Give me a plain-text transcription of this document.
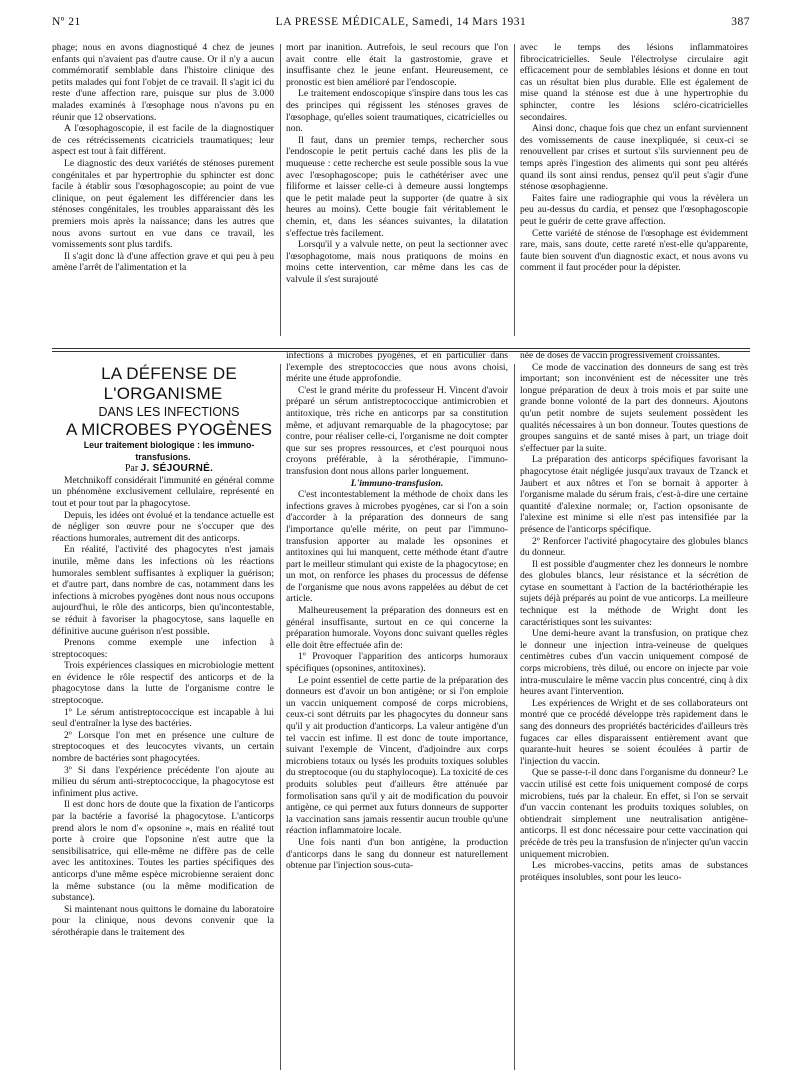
Nº 21	LA PRESSE MÉDICALE, Samedi, 14 Mars 1931	387

phage; nous en avons diagnostiqué 4 chez de jeunes enfants qui n'avaient pas d'autre cause. Or il n'y a aucun commémoratif semblable dans l'histoire clinique des petits malades qui font l'objet de ce travail. Il s'agit ici du reste d'une affection rare, puisque sur plus de 3.000 malades examinés à l'œsophage nous n'avons pu en réunir que 12 observations.

A l'œsophagoscopie, il est facile de la diagnostiquer de ces rétrécissements cicatriciels traumatiques; leur aspect est tout à fait différent.

Le diagnostic des deux variétés de sténoses purement congénitales et par hypertrophie du sphincter est donc facile à établir sous l'œsophagoscopie; au point de vue clinique, on peut également les différencier dans les sténoses congénitales, les troubles apparaissant dès les premiers mois après la naissance; dans les autres que nous avons surtout en vue dans ce travail, les vomissements sont plus tardifs.

Il s'agit donc là d'une affection grave et qui peu à peu amène l'arrêt de l'alimentation et la

mort par inanition. Autrefois, le seul recours que l'on avait contre elle était la gastrostomie, grave et insuffisante chez le jeune enfant. Heureusement, ce pronostic est bien amélioré par l'endoscopie.

Le traitement endoscopique s'inspire dans tous les cas des principes qui régissent les sténoses graves de l'œsophage, qu'elles soient traumatiques, cicatricielles ou non.

Il faut, dans un premier temps, rechercher sous l'endoscopie le petit pertuis caché dans les plis de la muqueuse : cette recherche est seule possible sous la vue avec l'œsophagoscope; puis le cathétériser avec une filiforme et laisser celle-ci à demeure aussi longtemps que le petit malade peut la supporter (de quatre à six heures au moins). Cette bougie fait véritablement le chemin, et, dans les séances suivantes, la dilatation s'effectue très facilement.

Lorsqu'il y a valvule nette, on peut la sectionner avec l'œsophagotome, mais nous pratiquons de moins en moins cette intervention, car même dans les cas de valvule il s'est surajouté

avec le temps des lésions inflammatoires fibrocicatricielles. Seule l'électrolyse circulaire agit efficacement pour de semblables lésions et donne en tout cas un résultat bien plus durable. Elle est également de mise quand la sténose est due à une hypertrophie du sphincter, contre les lésions scléro-cicatricielles secondaires.

Ainsi donc, chaque fois que chez un enfant surviennent des vomissements de cause inexpliquée, si ceux-ci se renouvellent par crises et surtout s'ils surviennent peu de temps après l'ingestion des aliments qui sont peu altérés quand ils sont ainsi rendus, pensez qu'il peut s'agir d'une sténose œsophagienne.

Faites faire une radiographie qui vous la révèlera un peu au-dessus du cardia, et pensez que l'œsophagoscopie peut le guérir de cette grave affection.

Cette variété de sténose de l'œsophage est évidemment rare, mais, sans doute, cette rareté n'est-elle qu'apparente, faute bien souvent d'un diagnostic exact, et nous avons vu comment il faut procéder pour la dépister.

LA DÉFENSE DE L'ORGANISME

DANS LES INFECTIONS

A MICROBES PYOGÈNES

Leur traitement biologique : les immuno-transfusions.

Par J. SÉJOURNÉ.

Metchnikoff considérait l'immunité en général comme un phénomène exclusivement cellulaire, représenté en tout et pour tout par la phagocytose.

Depuis, les idées ont évolué et la tendance actuelle est de négliger son œuvre pour ne s'occuper que des réactions humorales, autrement dit des anticorps.

En réalité, l'activité des phagocytes n'est jamais inutile, même dans les infections où les réactions humorales semblent suffisantes à expliquer la guérison; et d'autre part, dans nombre de cas, notamment dans les infections à microbes pyogènes dont nous nous occupons aujourd'hui, le rôle des anticorps, bien qu'incontestable, se réduit à favoriser la phagocytose, sans laquelle en définitive aucune guérison n'est possible.

Prenons comme exemple une infection à streptocoques:

Trois expériences classiques en microbiologie mettent en évidence le rôle respectif des anticorps et de la phagocytose dans la lutte de l'organisme contre le streptocoque.

1º Le sérum antistreptococcique est incapable à lui seul d'entraîner la lyse des bactéries.

2º Lorsque l'on met en présence une culture de streptocoques et des leucocytes vivants, un certain nombre de bactéries sont phagocytées.

3º Si dans l'expérience précédente l'on ajoute au milieu du sérum anti-streptococcique, la phagocytose est infiniment plus active.

Il est donc hors de doute que la fixation de l'anticorps par la bactérie a favorisé la phagocytose. L'anticorps prend alors le nom d'« opsonine », mais en réalité tout porte à croire que l'opsonine n'est autre que la sensibilisatrice, qui elle-même ne diffère pas de celle avec les antitoxines. Toutes les parties spécifiques des anticorps d'une même espèce microbienne seraient donc la même substance (ou la même modification de substance).

Si maintenant nous quittons le domaine du laboratoire pour la clinique, nous devons convenir que la sérothérapie dans le traitement des

infections à microbes pyogènes, et en particulier dans l'exemple des streptococcies que nous avons choisi, mérite une étude approfondie.

C'est le grand mérite du professeur H. Vincent d'avoir préparé un sérum antistreptococcique antimicrobien et antitoxique, très riche en anticorps par sa constitution même, et adjuvant remarquable de la phagocytose; par contre, pour réaliser celle-ci, l'organisme ne doit compter que sur ses propres ressources, et c'est pourquoi nous croyons préférable, à la sérothérapie, l'immuno-transfusion dont nous allons parler longuement.

L'immuno-transfusion.

C'est incontestablement la méthode de choix dans les infections graves à microbes pyogènes, car si l'on a soin d'accorder à la préparation des donneurs de sang l'importance qu'elle mérite, on peut par l'immuno-transfusion apporter au malade les opsonines et antitoxines qui lui manquent, cette méthode étant d'autre part le meilleur stimulant qui existe de la phagocytose; en un mot, on renforce les phases du processus de défense de l'organisme que nous avons rappelées au début de cet article.

Malheureusement la préparation des donneurs est en général insuffisante, surtout en ce qui concerne la préparation humorale. Voyons donc suivant quelles règles elle doit être effectuée afin de:

1º Provoquer l'apparition des anticorps humoraux spécifiques (opsonines, antitoxines).

Le point essentiel de cette partie de la préparation des donneurs est d'avoir un bon antigène; or si l'on emploie un vaccin uniquement composé de corps microbiens, ceux-ci sont détruits par les phagocytes du donneur sans qu'il y ait production d'anticorps. La valeur antigène d'un tel vaccin est infime. Il est donc de toute importance, suivant l'exemple de Vincent, d'adjoindre aux corps microbiens totaux ou lysés les produits toxiques solubles du streptocoque (ou du staphylocoque). La toxicité de ces produits solubles peut d'ailleurs être atténuée par formolisation sans qu'il y ait de modification du pouvoir antigène, ce qui permet aux futurs donneurs de supporter la vaccination sans jamais ressentir aucun trouble qu'une réaction inflammatoire locale.

Une fois nanti d'un bon antigène, la production d'anticorps dans le sang du donneur est naturellement obtenue par l'injection sous-cuta-

née de doses de vaccin progressivement croissantes.

Ce mode de vaccination des donneurs de sang est très important; son inconvénient est de nécessiter une très longue préparation de deux à trois mois et par suite une grande bonne volonté de la part des donneurs. Ajoutons qu'un petit nombre de sujets seulement possèdent les qualités nécessaires à un bon donneur. Toutes questions de groupes sanguins et de santé mises à part, un triage doit s'effectuer par la suite.

La préparation des anticorps spécifiques favorisant la phagocytose était négligée jusqu'aux travaux de Tzanck et Jaubert et aux nôtres et l'on se bornait à apporter à l'organisme malade du sérum frais, c'est-à-dire une certaine quantité d'alexine normale; or, l'action opsonisante de l'alexine est minime si elle n'est pas intensifiée par la présence de l'anticorps spécifique.

2º Renforcer l'activité phagocytaire des globules blancs du donneur.

Il est possible d'augmenter chez les donneurs le nombre des globules blancs, leur résistance et la sécrétion de cytase en soumettant à l'action de la bactériothérapie les sujets déjà préparés au point de vue anticorps. La meilleure technique est la méthode de Wright dont les caractéristiques sont les suivantes:

Une demi-heure avant la transfusion, on pratique chez le donneur une injection intra-veineuse de quelques centimètres cubes d'un vaccin uniquement composé de corps microbiens, très dilué, ou encore on injecte par voie intra-musculaire le même vaccin plus concentré, cinq à dix heures avant l'intervention.

Les expériences de Wright et de ses collaborateurs ont montré que ce procédé développe très rapidement dans le sang des donneurs des propriétés bactéricides d'ailleurs très fugaces car elles disparaissent entièrement avant que quarante-huit heures se soient écoulées à partir de l'injection du vaccin.

Que se passe-t-il donc dans l'organisme du donneur? Le vaccin utilisé est cette fois uniquement composé de corps microbiens, tués par la chaleur. En effet, si l'on se servait d'un vaccin contenant les produits toxiques solubles, on obtiendrait simplement une neutralisation antigène-anticorps. Il est donc nécessaire pour cette vaccination qui précède de très peu la transfusion de n'injecter qu'un vaccin uniquement microbien.

Les microbes-vaccins, petits amas de substances protéiques insolubles, sont pour les leuco-
